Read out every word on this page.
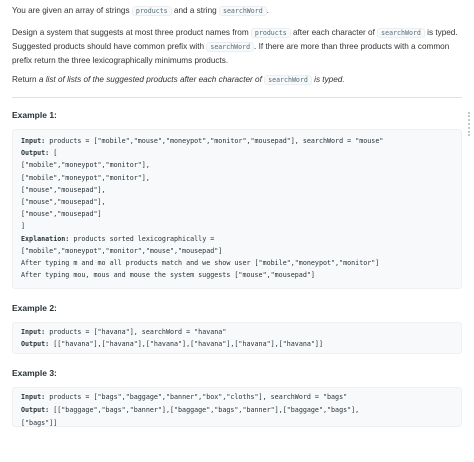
You are given an array of strings products and a string searchWord .

Design a system that suggests at most three product names from products after each character of searchWord is typed. Suggested products should have common prefix with searchWord . If there are more than three products with a common prefix return the three lexicographically minimums products.

Return a list of lists of the suggested products after each character of searchWord is typed.

Example 1:
Input: products = ["mobile","mouse","moneypot","monitor","mousepad"], searchWord = "mouse"
Output: [
["mobile","moneypot","monitor"],
["mobile","moneypot","monitor"],
["mouse","mousepad"],
["mouse","mousepad"],
["mouse","mousepad"]
]
Explanation: products sorted lexicographically =
["mobile","moneypot","monitor","mouse","mousepad"]
After typing m and mo all products match and we show user ["mobile","moneypot","monitor"]
After typing mou, mous and mouse the system suggests ["mouse","mousepad"]
Example 2:
Input: products = ["havana"], searchWord = "havana"
Output: [["havana"],["havana"],["havana"],["havana"],["havana"],["havana"]]
Example 3:
Input: products = ["bags","baggage","banner","box","cloths"], searchWord = "bags"
Output: [["baggage","bags","banner"],["baggage","bags","banner"],["baggage","bags"],
["bags"]]
